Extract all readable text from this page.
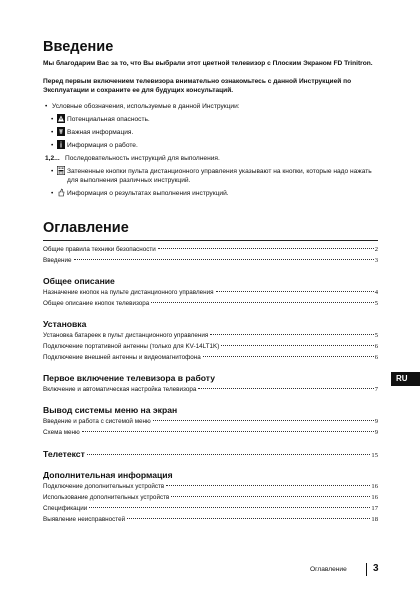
Введение

Мы благодарим Вас за то, что Вы выбрали этот цветной телевизор с Плоским Экраном FD Trinitron.

Перед первым включением телевизора внимательно ознакомьтесь с данной Инструкцией по Эксплуатации и сохраните ее для будущих консультаций.

• Условные обозначения, используемые в данной Инструкции:
• Потенциальная опасность.
• Важная информация.
• Информация о работе.
1,2... Последовательность инструкций для выполнения.
• Затененные кнопки пульта дистанционного управления указывают на кнопки, которые надо нажать для выполнения различных инструкций.
• Информация о результатах выполнения инструкций.
Оглавление
Общие правила техники безопасности	2
Введение	3
Общее описание
Назначение кнопок на пульте дистанционного управления	4
Общее описание кнопок телевизора	5
Установка
Установка батареек в пульт дистанционного управления	5
Подключение портативной антенны (только для KV-14LT1K)	6
Подключение внешней антенны и видеомагнитофона	6
Первое включение телевизора в работу
Включение и автоматическая настройка телевизора	7
Вывод системы меню на экран
Введение и работа с системой меню	9
Схема меню	9
Телетекст	15
Дополнительная информация
Подключение дополнительных устройств	16
Использование дополнительных устройств	16
Спецификации	17
Выявление неисправностей	18
RU
Оглавление	3
